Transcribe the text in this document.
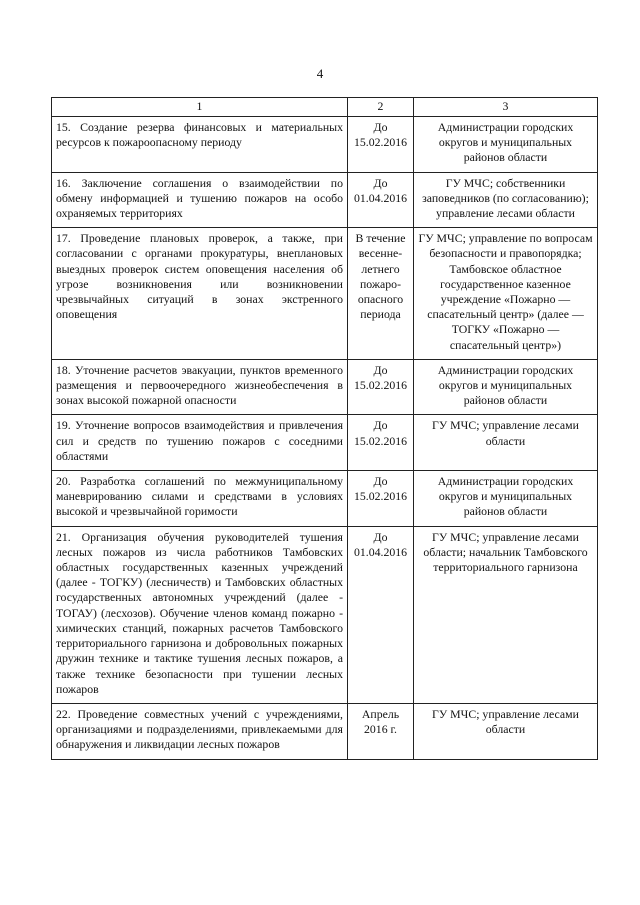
4
1	2	3
15. Создание резерва финансовых и материальных ресурсов к пожароопасному периоду	До 15.02.2016	Администрации городских округов и муниципальных районов области
16. Заключение соглашения о взаимодействии по обмену информацией и тушению пожаров на особо охраняемых территориях	До 01.04.2016	ГУ МЧС; собственники заповедников (по согласованию); управление лесами области
17. Проведение плановых проверок, а также, при согласовании с органами прокуратуры, внеплановых выездных проверок систем оповещения населения об угрозе возникновения или возникновении чрезвычайных ситуаций в зонах экстренного оповещения	В течение весенне-летнего пожаро-опасного периода	ГУ МЧС; управление по вопросам безопасности и правопорядка; Тамбовское областное государственное казенное учреждение «Пожарно — спасательный центр» (далее — ТОГКУ «Пожарно — спасательный центр»)
18. Уточнение расчетов эвакуации, пунктов временного размещения и первоочередного жизнеобеспечения в зонах высокой пожарной опасности	До 15.02.2016	Администрации городских округов и муниципальных районов области
19. Уточнение вопросов взаимодействия и привлечения сил и средств по тушению пожаров с соседними областями	До 15.02.2016	ГУ МЧС; управление лесами области
20. Разработка соглашений по межмуниципальному маневрированию силами и средствами в условиях высокой и чрезвычайной горимости	До 15.02.2016	Администрации городских округов и муниципальных районов области
21. Организация обучения руководителей тушения лесных пожаров из числа работников Тамбовских областных государственных казенных учреждений (далее - ТОГКУ) (лесничеств) и Тамбовских областных государственных автономных учреждений (далее - ТОГАУ) (лесхозов). Обучение членов команд пожарно - химических станций, пожарных расчетов Тамбовского территориального гарнизона и добровольных пожарных дружин технике и тактике тушения лесных пожаров, а также технике безопасности при тушении лесных пожаров	До 01.04.2016	ГУ МЧС; управление лесами области; начальник Тамбовского территориального гарнизона
22. Проведение совместных учений с учреждениями, организациями и подразделениями, привлекаемыми для обнаружения и ликвидации лесных пожаров	Апрель 2016 г.	ГУ МЧС; управление лесами области
